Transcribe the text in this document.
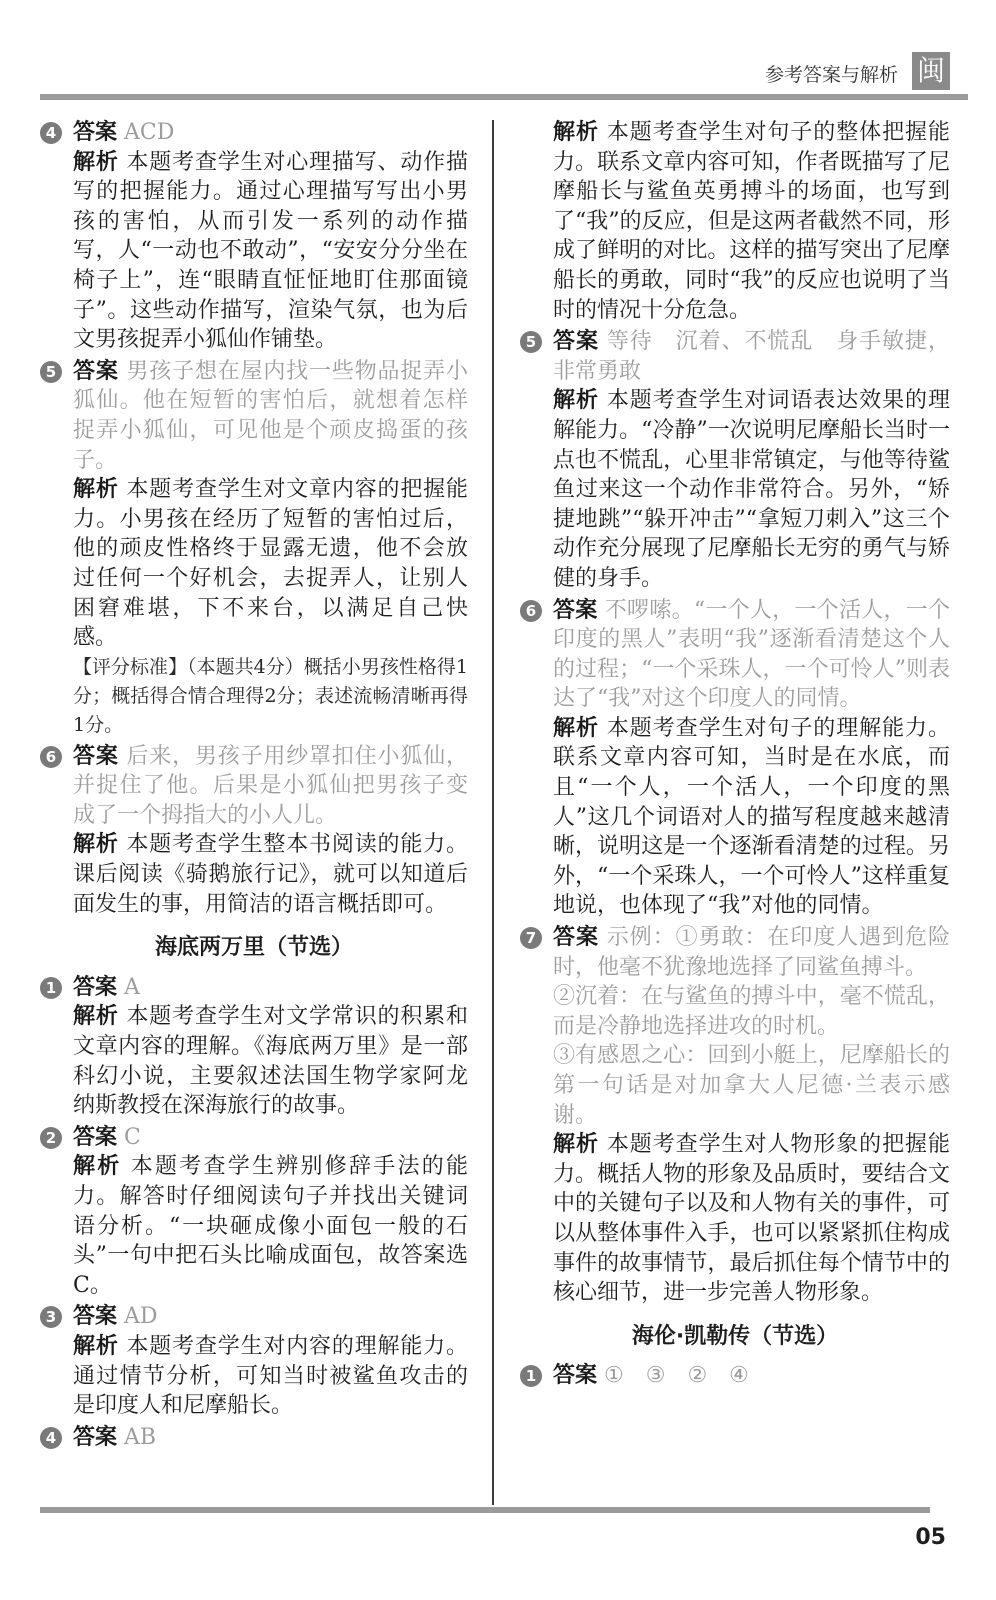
参考答案与解析 闽
4 答案 ACD

解析 本题考查学生对心理描写、动作描写的把握能力。通过心理描写写出小男孩的害怕，从而引发一系列的动作描写，人“一动也不敢动”，“安安分分坐在椅子上”，连“眼睛直怔怔地盯住那面镜子”。这些动作描写，渲染气氛，也为后文男孩捉弄小狐仙作铺垫。

5 答案 男孩子想在屋内找一些物品捉弄小狐仙。他在短暂的害怕后，就想着怎样捉弄小狐仙，可见他是个顽皮捣蛋的孩子。

解析 本题考查学生对文章内容的把握能力。小男孩在经历了短暂的害怕过后，他的顽皮性格终于显露无遗，他不会放过任何一个好机会，去捉弄人，让别人困窘难堪，下不来台，以满足自己快感。

【评分标准】（本题共4分）概括小男孩性格得1分；概括得合情合理得2分；表述流畅清晰再得1分。

6 答案 后来，男孩子用纱罩扣住小狐仙，并捉住了他。后果是小狐仙把男孩子变成了一个拇指大的小人儿。

解析 本题考查学生整本书阅读的能力。课后阅读《骑鹅旅行记》，就可以知道后面发生的事，用简洁的语言概括即可。

海底两万里（节选）
1 答案 A

解析 本题考查学生对文学常识的积累和文章内容的理解。《海底两万里》是一部科幻小说，主要叙述法国生物学家阿龙纳斯教授在深海旅行的故事。

2 答案 C

解析 本题考查学生辨别修辞手法的能力。解答时仔细阅读句子并找出关键词语分析。“一块砸成像小面包一般的石头”一句中把石头比喻成面包，故答案选C。

3 答案 AD

解析 本题考查学生对内容的理解能力。通过情节分析，可知当时被鲨鱼攻击的是印度人和尼摩船长。

4 答案 AB

解析 本题考查学生对句子的整体把握能力。联系文章内容可知，作者既描写了尼摩船长与鲨鱼英勇搏斗的场面，也写到了“我”的反应，但是这两者截然不同，形成了鲜明的对比。这样的描写突出了尼摩船长的勇敢，同时“我”的反应也说明了当时的情况十分危急。

5 答案 等待　沉着、不慌乱　身手敏捷，非常勇敢

解析 本题考查学生对词语表达效果的理解能力。“冷静”一次说明尼摩船长当时一点也不慌乱，心里非常镇定，与他等待鲨鱼过来这一个动作非常符合。另外，“矫捷地跳”“躲开冲击”“拿短刀刺入”这三个动作充分展现了尼摩船长无穷的勇气与矫健的身手。

6 答案 不啰嗦。“一个人，一个活人，一个印度的黑人”表明“我”逐渐看清楚这个人的过程；“一个采珠人，一个可怜人”则表达了“我”对这个印度人的同情。

解析 本题考查学生对句子的理解能力。联系文章内容可知，当时是在水底，而且“一个人，一个活人，一个印度的黑人”这几个词语对人的描写程度越来越清晰，说明这是一个逐渐看清楚的过程。另外，“一个采珠人，一个可怜人”这样重复地说，也体现了“我”对他的同情。

7 答案 示例：①勇敢：在印度人遇到危险时，他毫不犹豫地选择了同鲨鱼搏斗。

②沉着：在与鲨鱼的搏斗中，毫不慌乱，而是冷静地选择进攻的时机。

③有感恩之心：回到小艇上，尼摩船长的第一句话是对加拿大人尼德·兰表示感谢。

解析 本题考查学生对人物形象的把握能力。概括人物的形象及品质时，要结合文中的关键句子以及和人物有关的事件，可以从整体事件入手，也可以紧紧抓住构成事件的故事情节，最后抓住每个情节中的核心细节，进一步完善人物形象。

海伦·凯勒传（节选）
1 答案 ①　③　②　④

05
